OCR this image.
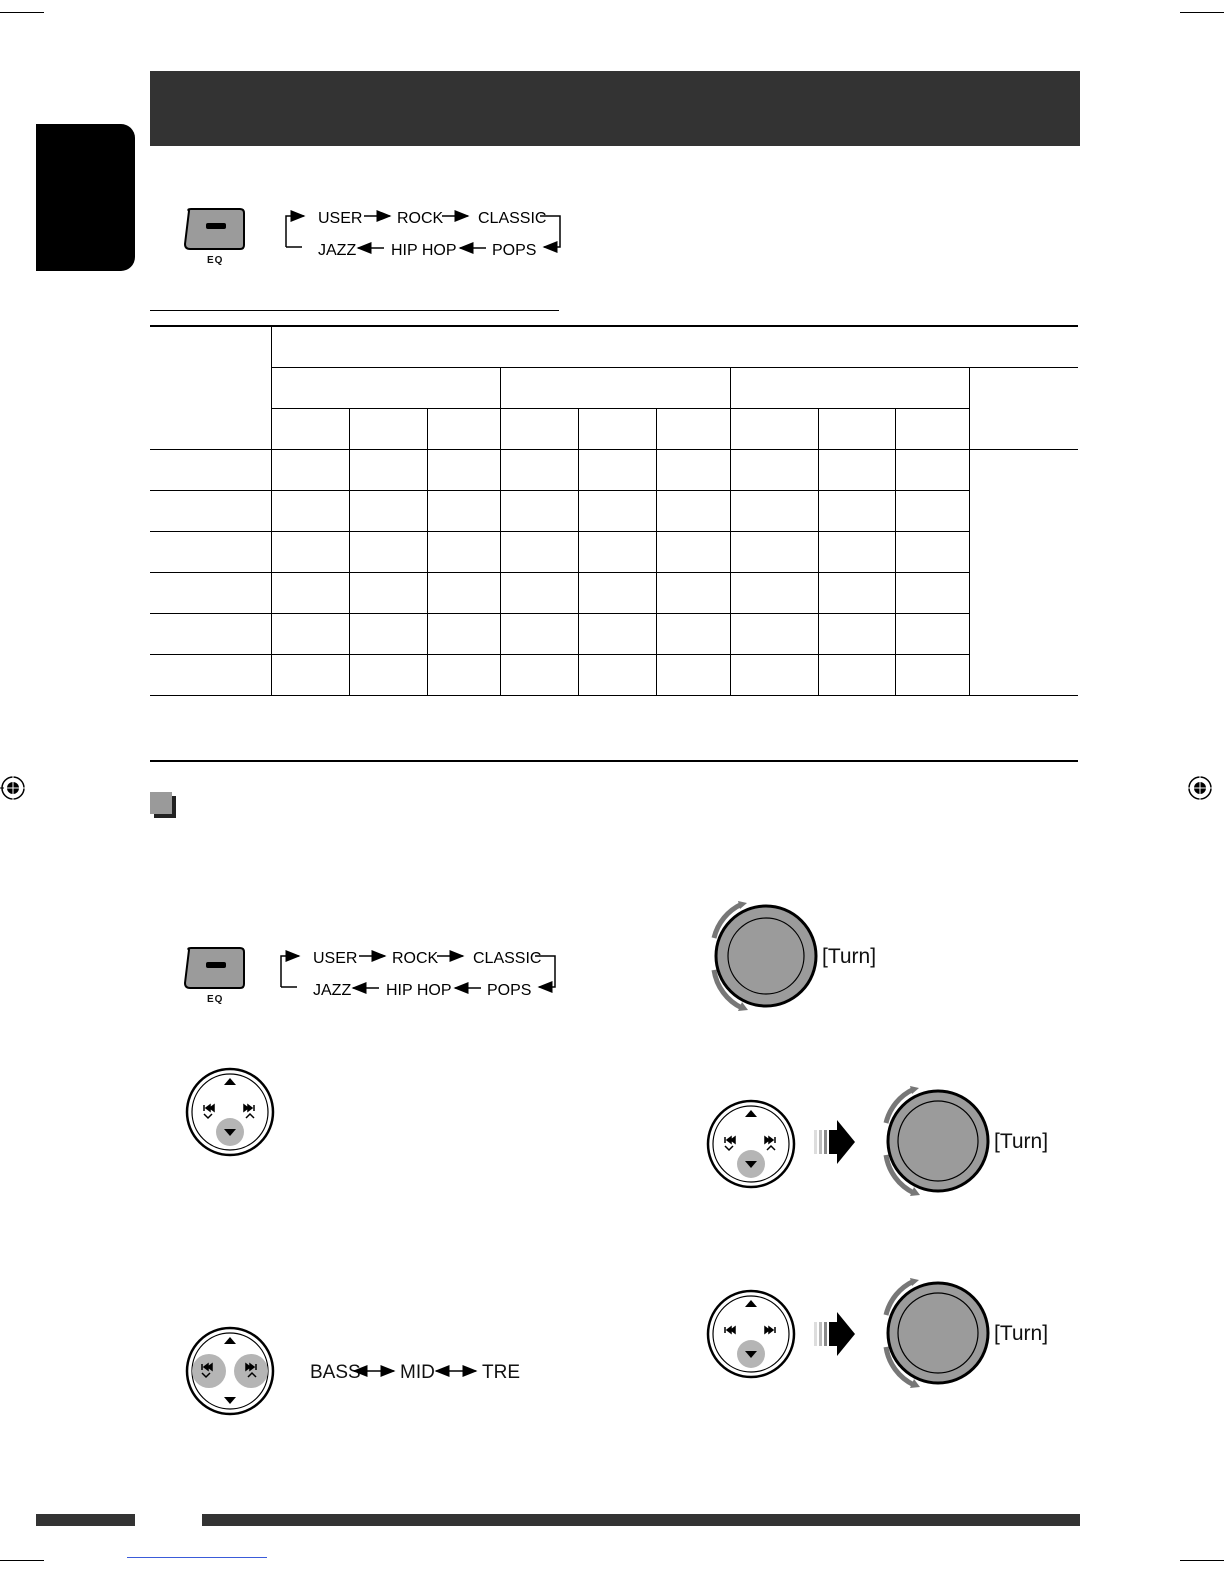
EQ
USER ROCK CLASSIC
JAZZ HIP HOP POPS

EQ
USER ROCK CLASSIC
JAZZ HIP HOP POPS
BASS MID TRE
[Turn]
[Turn]
[Turn]
